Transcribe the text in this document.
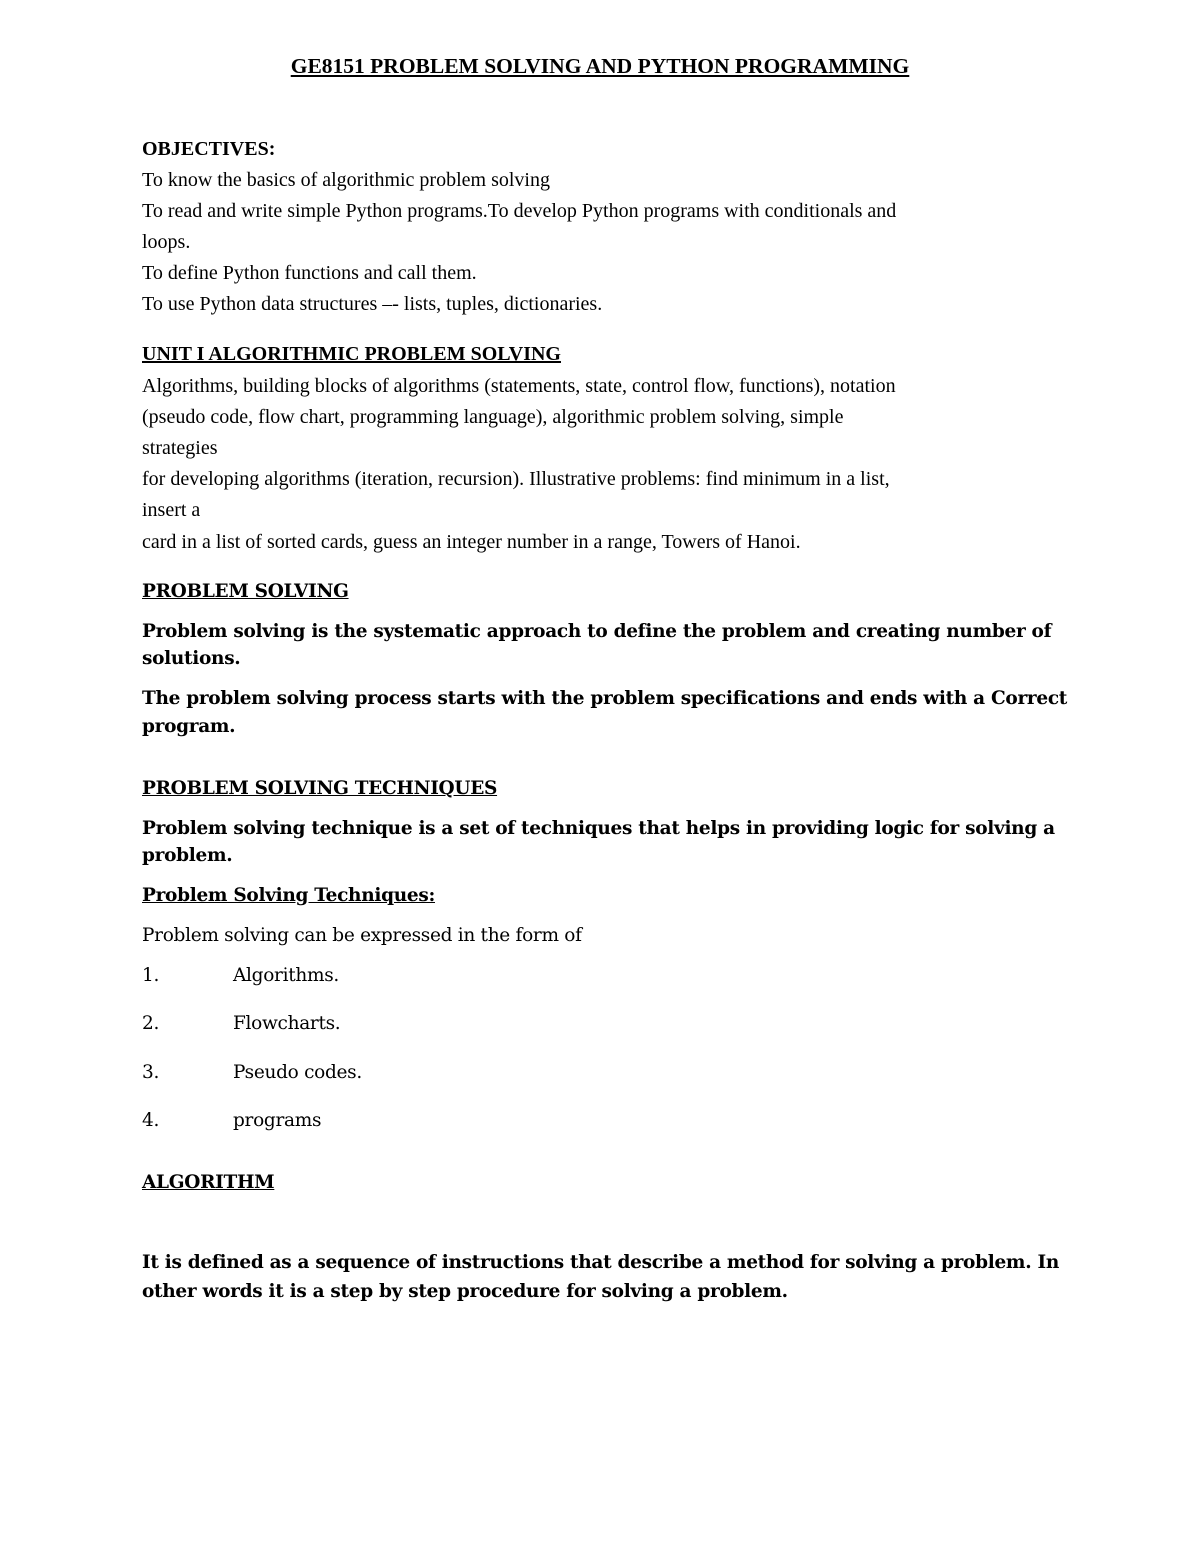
GE8151 PROBLEM SOLVING AND PYTHON PROGRAMMING
OBJECTIVES:
To know the basics of algorithmic problem solving
To read and write simple Python programs.To develop Python programs with conditionals and
loops.
To define Python functions and call them.
To use Python data structures –- lists, tuples, dictionaries.
UNIT I ALGORITHMIC PROBLEM SOLVING
Algorithms, building blocks of algorithms (statements, state, control flow, functions), notation
(pseudo code, flow chart, programming language), algorithmic problem solving, simple
strategies
for developing algorithms (iteration, recursion). Illustrative problems: find minimum in a list,
insert a
card in a list of sorted cards, guess an integer number in a range, Towers of Hanoi.
PROBLEM SOLVING
Problem solving is the systematic approach to define the problem and creating number of
solutions.
The problem solving process starts with the problem specifications and ends with a Correct
program.
PROBLEM SOLVING TECHNIQUES
Problem solving technique is a set of techniques that helps in providing logic for solving a
problem.
Problem Solving Techniques:
Problem solving can be expressed in the form of
1.	Algorithms.
2.	Flowcharts.
3.	Pseudo codes.
4.	programs
ALGORITHM
It is defined as a sequence of instructions that describe a method for solving a problem. In
other words it is a step by step procedure for solving a problem.
